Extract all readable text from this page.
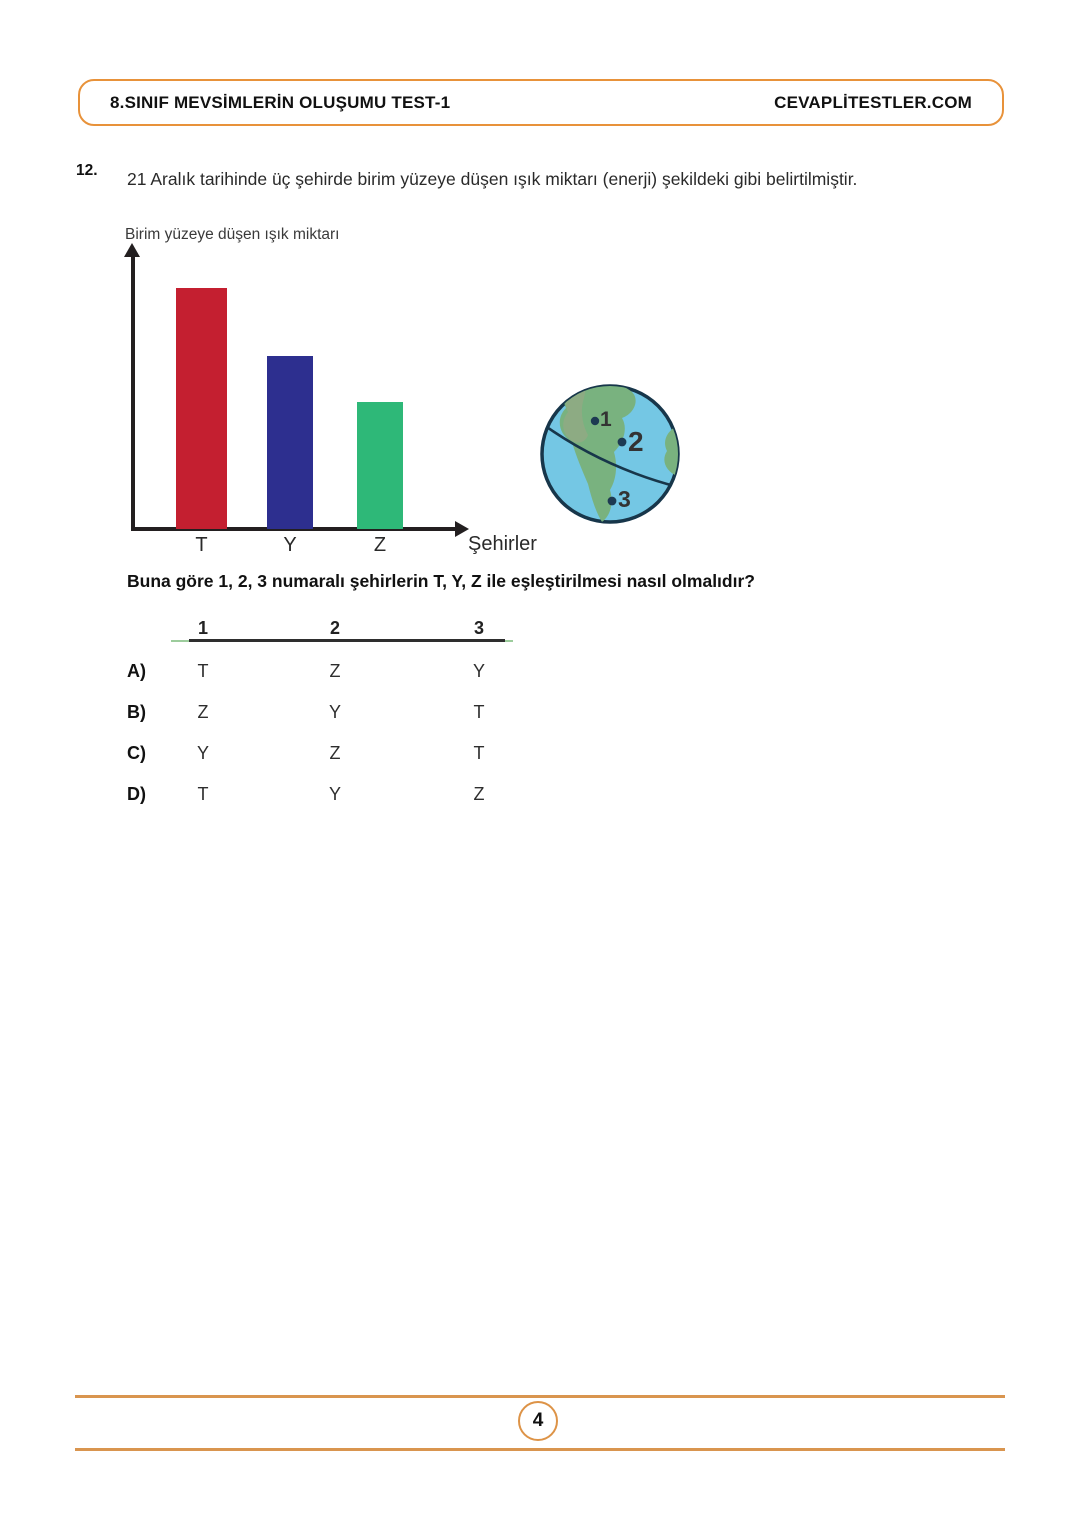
8.SINIF MEVSİMLERİN OLUŞUMU TEST-1	CEVAPLİTESTLER.COM
12. 21 Aralık tarihinde üç şehirde birim yüzeye düşen ışık miktarı (enerji) şekildeki gibi belirtilmiştir.
Birim yüzeye düşen ışık miktarı
T	Y	Z	Şehirler
1
2
3
Buna göre 1, 2, 3 numaralı şehirlerin T, Y, Z ile eşleştirilmesi nasıl olmalıdır?
1	2	3
A)	T	Z	Y
B)	Z	Y	T
C)	Y	Z	T
D)	T	Y	Z
4
